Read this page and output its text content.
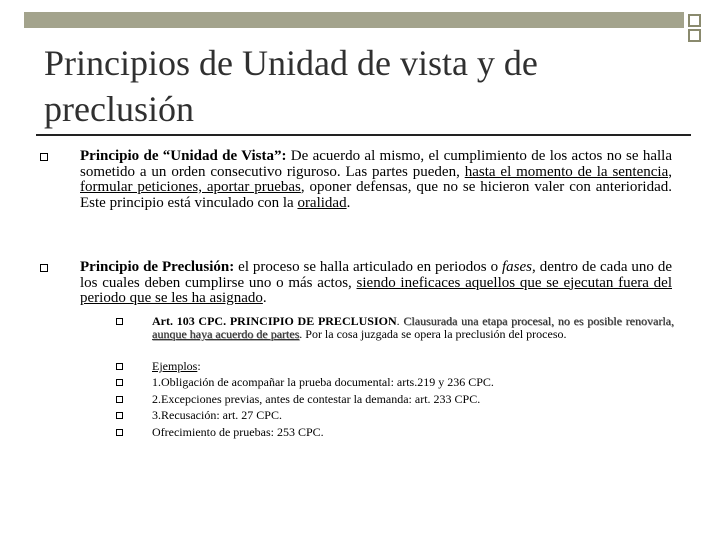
Principios de Unidad de vista y de preclusión

Principio de “Unidad de Vista”: De acuerdo al mismo, el cumplimiento de los actos no se halla sometido a un orden consecutivo riguroso. Las partes pueden, hasta el momento de la sentencia, formular peticiones, aportar pruebas, oponer defensas, que no se hicieron valer con anterioridad. Este principio está vinculado con la oralidad.

Principio de Preclusión: el proceso se halla articulado en periodos o fases, dentro de cada uno de los cuales deben cumplirse uno o más actos, siendo ineficaces aquellos que se ejecutan fuera del periodo que se les ha asignado.

Art. 103 CPC. PRINCIPIO DE PRECLUSION. Clausurada una etapa procesal, no es posible renovarla, aunque haya acuerdo de partes. Por la cosa juzgada se opera la preclusión del proceso.

Ejemplos:

1.Obligación de acompañar la prueba documental: arts.219 y 236 CPC.

2.Excepciones previas, antes de contestar la demanda: art. 233 CPC.

3.Recusación: art. 27 CPC.

Ofrecimiento de pruebas: 253 CPC.
